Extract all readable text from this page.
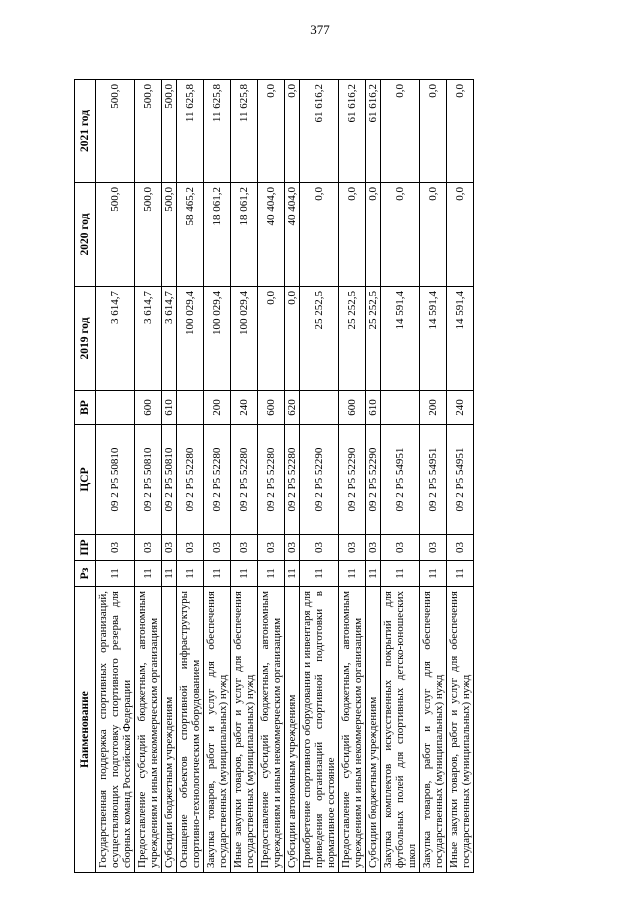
377
Наименование	Рз	ПР	ЦСР	ВР	2019 год	2020 год	2021 год
Государственная поддержка спортивных организаций, осуществляющих подготовку спортивного резерва для сборных команд Российской Федерации	11	03	09 2 P5 50810		3 614,7	500,0	500,0
Предоставление субсидий бюджетным, автономным учреждениям и иным некоммерческим организациям	11	03	09 2 P5 50810	600	3 614,7	500,0	500,0
Субсидии бюджетным учреждениям	11	03	09 2 P5 50810	610	3 614,7	500,0	500,0
Оснащение объектов спортивной инфраструктуры спортивно-технологическим оборудованием	11	03	09 2 P5 52280		100 029,4	58 465,2	11 625,8
Закупка товаров, работ и услуг для обеспечения государственных (муниципальных) нужд	11	03	09 2 P5 52280	200	100 029,4	18 061,2	11 625,8
Иные закупки товаров, работ и услуг для обеспечения государственных (муниципальных) нужд	11	03	09 2 P5 52280	240	100 029,4	18 061,2	11 625,8
Предоставление субсидий бюджетным, автономным учреждениям и иным некоммерческим организациям	11	03	09 2 P5 52280	600	0,0	40 404,0	0,0
Субсидии автономным учреждениям	11	03	09 2 P5 52280	620	0,0	40 404,0	0,0
Приобретение спортивного оборудования и инвентаря для приведения организаций спортивной подготовки в нормативное состояние	11	03	09 2 P5 52290		25 252,5	0,0	61 616,2
Предоставление субсидий бюджетным, автономным учреждениям и иным некоммерческим организациям	11	03	09 2 P5 52290	600	25 252,5	0,0	61 616,2
Субсидии бюджетным учреждениям	11	03	09 2 P5 52290	610	25 252,5	0,0	61 616,2
Закупка комплектов искусственных покрытий для футбольных полей для спортивных детско-юношеских школ	11	03	09 2 P5 54951		14 591,4	0,0	0,0
Закупка товаров, работ и услуг для обеспечения государственных (муниципальных) нужд	11	03	09 2 P5 54951	200	14 591,4	0,0	0,0
Иные закупки товаров, работ и услуг для обеспечения государственных (муниципальных) нужд	11	03	09 2 P5 54951	240	14 591,4	0,0	0,0
